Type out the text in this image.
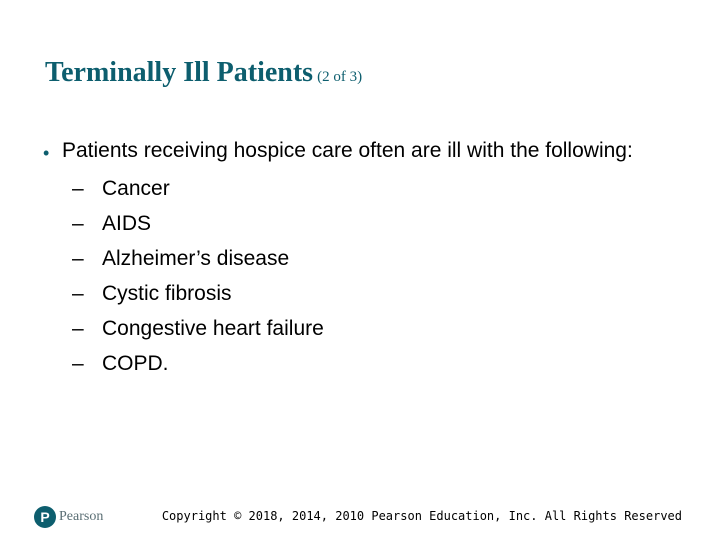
Terminally Ill Patients (2 of 3)
• Patients receiving hospice care often are ill with the following:
– Cancer
– AIDS
– Alzheimer’s disease
– Cystic fibrosis
– Congestive heart failure
– COPD.
P Pearson	Copyright © 2018, 2014, 2010 Pearson Education, Inc. All Rights Reserved
